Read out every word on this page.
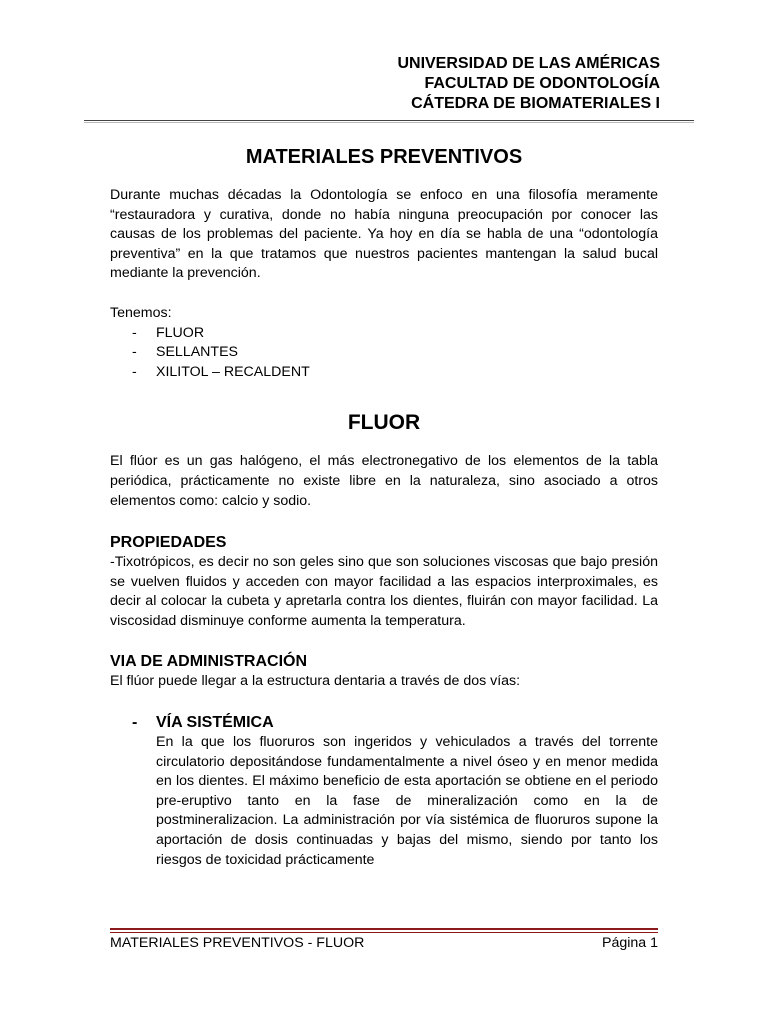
UNIVERSIDAD DE LAS AMÉRICAS
FACULTAD DE ODONTOLOGÍA
CÁTEDRA DE BIOMATERIALES I
MATERIALES PREVENTIVOS

Durante muchas décadas la Odontología se enfoco en una filosofía meramente “restauradora y curativa, donde no había ninguna preocupación por conocer las causas de los problemas del paciente. Ya hoy en día se habla de una “odontología preventiva” en la que tratamos que nuestros pacientes mantengan la salud bucal mediante la prevención.

Tenemos:

- FLUOR
- SELLANTES
- XILITOL – RECALDENT
FLUOR

El flúor es un gas halógeno, el más electronegativo de los elementos de la tabla periódica, prácticamente no existe libre en la naturaleza, sino asociado a otros elementos como: calcio y sodio.

PROPIEDADES

-Tixotrópicos, es decir no son geles sino que son soluciones viscosas que bajo presión se vuelven fluidos y acceden con mayor facilidad a las espacios interproximales, es decir al colocar la cubeta y apretarla contra los dientes, fluirán con mayor facilidad. La viscosidad disminuye conforme aumenta la temperatura.

VIA DE ADMINISTRACIÓN

El flúor puede llegar a la estructura dentaria a través de dos vías:

- VÍA SISTÉMICA

En la que los fluoruros son ingeridos y vehiculados a través del torrente circulatorio depositándose fundamentalmente a nivel óseo y en menor medida en los dientes. El máximo beneficio de esta aportación se obtiene en el periodo pre-eruptivo tanto en la fase de mineralización como en la de postmineralizacion. La administración por vía sistémica de fluoruros supone la aportación de dosis continuadas y bajas del mismo, siendo por tanto los riesgos de toxicidad prácticamente

MATERIALES PREVENTIVOS - FLUOR	Página 1
